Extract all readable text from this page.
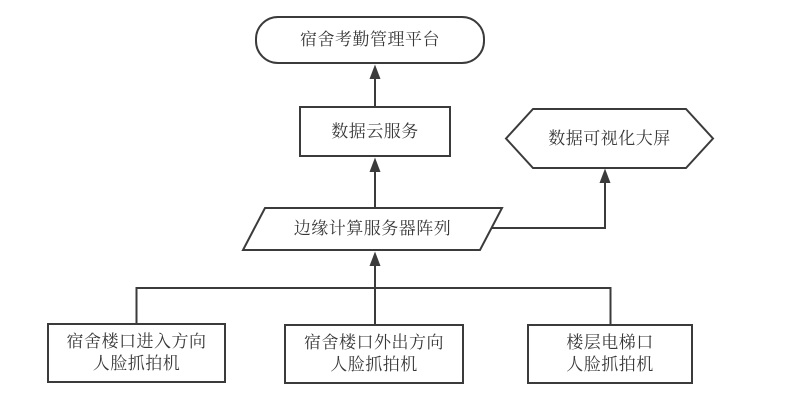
宿舍考勤管理平台
数据云服务	数据可视化大屏
边缘计算服务器阵列
宿舍楼口进入方向
人脸抓拍机
宿舍楼口外出方向
人脸抓拍机
楼层电梯口
人脸抓拍机
